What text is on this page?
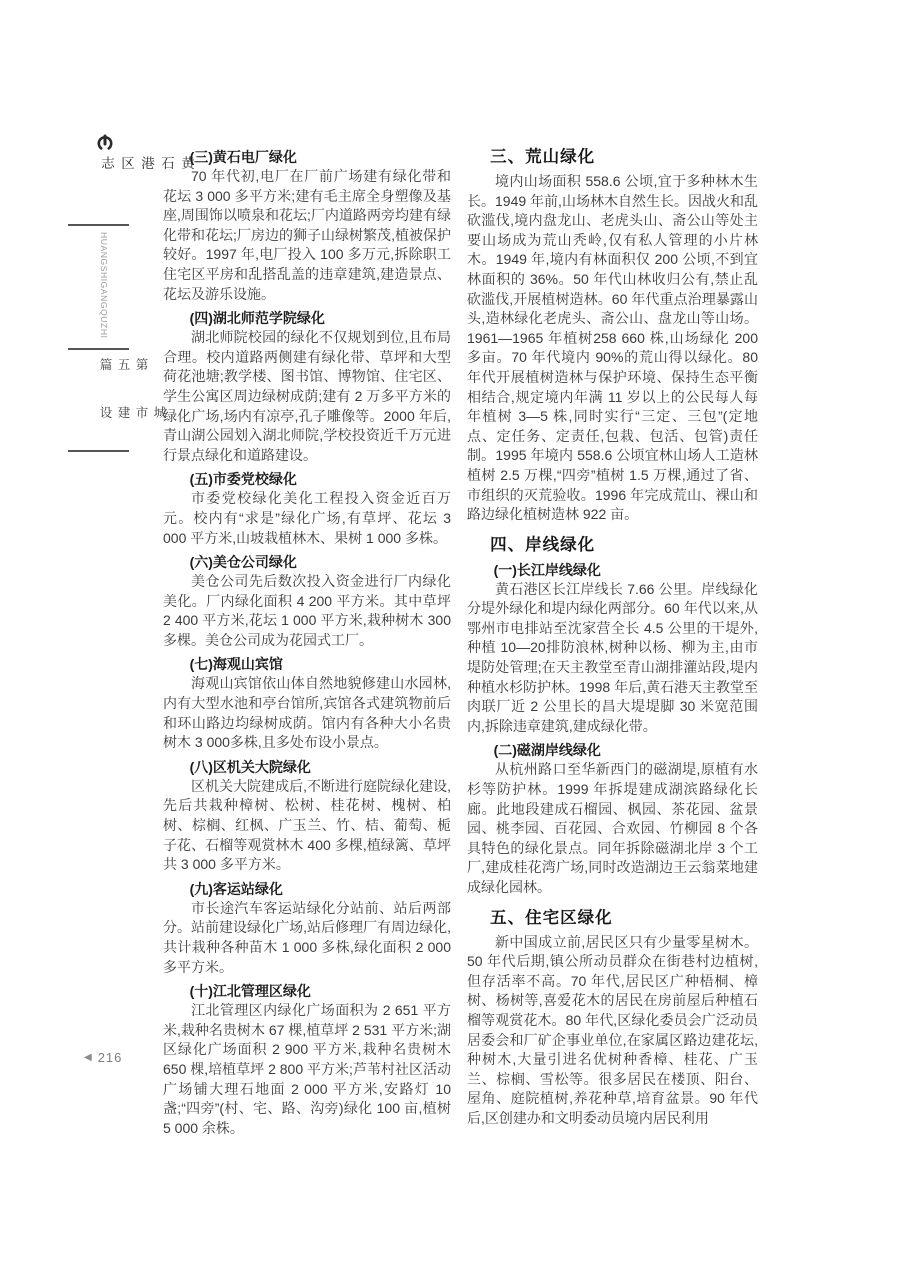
黄石港区志
HUANGSHIGANGQUZHI
第五篇
城市建设
(三)黄石电厂绿化

70 年代初,电厂在厂前广场建有绿化带和花坛 3 000 多平方米;建有毛主席全身塑像及基座,周围饰以喷泉和花坛;厂内道路两旁均建有绿化带和花坛;厂房边的狮子山绿树繁茂,植被保护较好。1997 年,电厂投入 100 多万元,拆除职工住宅区平房和乱搭乱盖的违章建筑,建造景点、花坛及游乐设施。

(四)湖北师范学院绿化

湖北师院校园的绿化不仅规划到位,且布局合理。校内道路两侧建有绿化带、草坪和大型荷花池塘;教学楼、图书馆、博物馆、住宅区、学生公寓区周边绿树成荫;建有 2 万多平方米的绿化广场,场内有凉亭,孔子雕像等。2000 年后,青山湖公园划入湖北师院,学校投资近千万元进行景点绿化和道路建设。

(五)市委党校绿化

市委党校绿化美化工程投入资金近百万元。校内有“求是”绿化广场,有草坪、花坛 3 000 平方米,山坡栽植林木、果树 1 000 多株。

(六)美仓公司绿化

美仓公司先后数次投入资金进行厂内绿化美化。厂内绿化面积 4 200 平方米。其中草坪 2 400 平方米,花坛 1 000 平方米,栽种树木 300 多棵。美仓公司成为花园式工厂。

(七)海观山宾馆

海观山宾馆依山体自然地貌修建山水园林,内有大型水池和亭台馆所,宾馆各式建筑物前后和环山路边均绿树成荫。馆内有各种大小名贵树木 3 000多株,且多处布设小景点。

(八)区机关大院绿化

区机关大院建成后,不断进行庭院绿化建设,先后共栽种樟树、松树、桂花树、槐树、柏树、棕榈、红枫、广玉兰、竹、桔、葡萄、栀子花、石榴等观赏林木 400 多棵,植绿篱、草坪共 3 000 多平方米。

(九)客运站绿化

市长途汽车客运站绿化分站前、站后两部分。站前建设绿化广场,站后修理厂有周边绿化,共计栽种各种苗木 1 000 多株,绿化面积 2 000 多平方米。

(十)江北管理区绿化

江北管理区内绿化广场面积为 2 651 平方米,栽种名贵树木 67 棵,植草坪 2 531 平方米;湖区绿化广场面积 2 900 平方米,栽种名贵树木 650 棵,培植草坪 2 800 平方米;芦苇村社区活动广场铺大理石地面 2 000 平方米,安路灯 10 盏;“四旁”(村、宅、路、沟旁)绿化 100 亩,植树 5 000 余株。

三、荒山绿化

境内山场面积 558.6 公顷,宜于多种林木生长。1949 年前,山场林木自然生长。因战火和乱砍滥伐,境内盘龙山、老虎头山、斋公山等处主要山场成为荒山秃岭,仅有私人管理的小片林木。1949 年,境内有林面积仅 200 公顷,不到宜林面积的 36%。50 年代山林收归公有,禁止乱砍滥伐,开展植树造林。60 年代重点治理暴露山头,造林绿化老虎头、斋公山、盘龙山等山场。1961—1965 年植树258 660 株,山场绿化 200 多亩。70 年代境内 90%的荒山得以绿化。80 年代开展植树造林与保护环境、保持生态平衡相结合,规定境内年满 11 岁以上的公民每人每年植树 3—5 株,同时实行“三定、三包”(定地点、定任务、定责任,包栽、包活、包管)责任制。1995 年境内 558.6 公顷宜林山场人工造林植树 2.5 万棵,“四旁”植树 1.5 万棵,通过了省、市组织的灭荒验收。1996 年完成荒山、裸山和路边绿化植树造林 922 亩。

四、岸线绿化
(一)长江岸线绿化

黄石港区长江岸线长 7.66 公里。岸线绿化分堤外绿化和堤内绿化两部分。60 年代以来,从鄂州市电排站至沈家营全长 4.5 公里的干堤外,种植 10—20排防浪林,树种以杨、柳为主,由市堤防处管理;在天主教堂至青山湖排灌站段,堤内种植水杉防护林。1998 年后,黄石港天主教堂至肉联厂近 2 公里长的昌大堤堤脚 30 米宽范围内,拆除违章建筑,建成绿化带。

(二)磁湖岸线绿化

从杭州路口至华新西门的磁湖堤,原植有水杉等防护林。1999 年拆堤建成湖滨路绿化长廊。此地段建成石榴园、枫园、茶花园、盆景园、桃李园、百花园、合欢园、竹柳园 8 个各具特色的绿化景点。同年拆除磁湖北岸 3 个工厂,建成桂花湾广场,同时改造湖边王云翁菜地建成绿化园林。

五、住宅区绿化

新中国成立前,居民区只有少量零星树木。50 年代后期,镇公所动员群众在街巷村边植树,但存活率不高。70 年代,居民区广种梧桐、樟树、杨树等,喜爱花木的居民在房前屋后种植石榴等观赏花木。80 年代,区绿化委员会广泛动员居委会和厂矿企事业单位,在家属区路边建花坛,种树木,大量引进名优树种香樟、桂花、广玉兰、棕榈、雪松等。很多居民在楼顶、阳台、屋角、庭院植树,养花种草,培育盆景。90 年代后,区创建办和文明委动员境内居民利用

◀ 216
